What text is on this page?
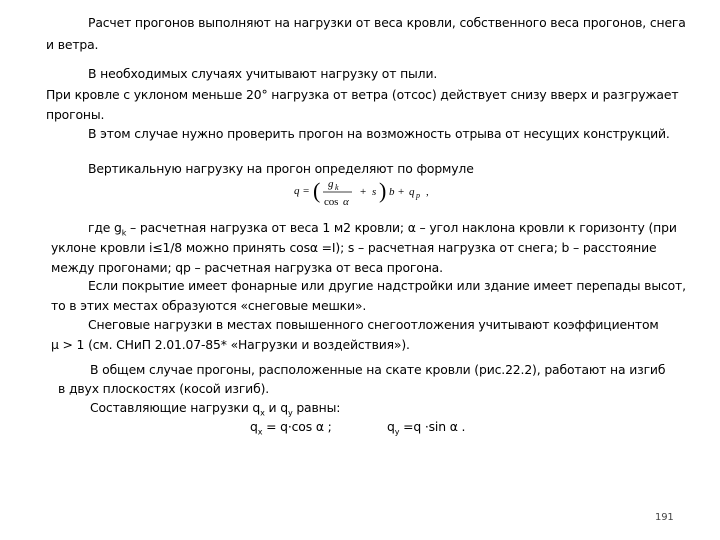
Расчет прогонов выполняют на нагрузки от веса кровли, собственного веса прогонов, снега
и ветра.
В необходимых случаях учитывают нагрузку от пыли.
При кровле с уклоном меньше 20° нагрузка от ветра (отсос) действует снизу вверх и разгружает
прогоны.
В этом случае нужно проверить прогон на возможность отрыва от несущих конструкций.
Вертикальную нагрузку на прогон определяют по формуле
q = ( g k
cos α
+ s ) b + q p ,
где $g_k$ – расчетная нагрузка от веса 1 м2 кровли; α – угол наклона кровли к горизонту (при
уклоне кровли i≤1/8 можно принять cosα =I); s – расчетная нагрузка от снега; b – расстояние
между прогонами; qр – расчетная нагрузка от веса прогона.
Если покрытие имеет фонарные или другие надстройки или здание имеет перепады высот,
то в этих местах образуются «снеговые мешки».
Снеговые нагрузки в местах повышенного снегоотложения учитывают коэффициентом
μ > 1 (см. СНиП 2.01.07-85* «Нагрузки и воздействия»).
В общем случае прогоны, расположенные на скате кровли (рис.22.2), работают на изгиб
в двух плоскостях (косой изгиб).
Составляющие нагрузки $q_x$ и $q_y$ равны:
$q_x = q\cdot\cos$ α ;	$q_y =q \cdot\sin$ α .
191
